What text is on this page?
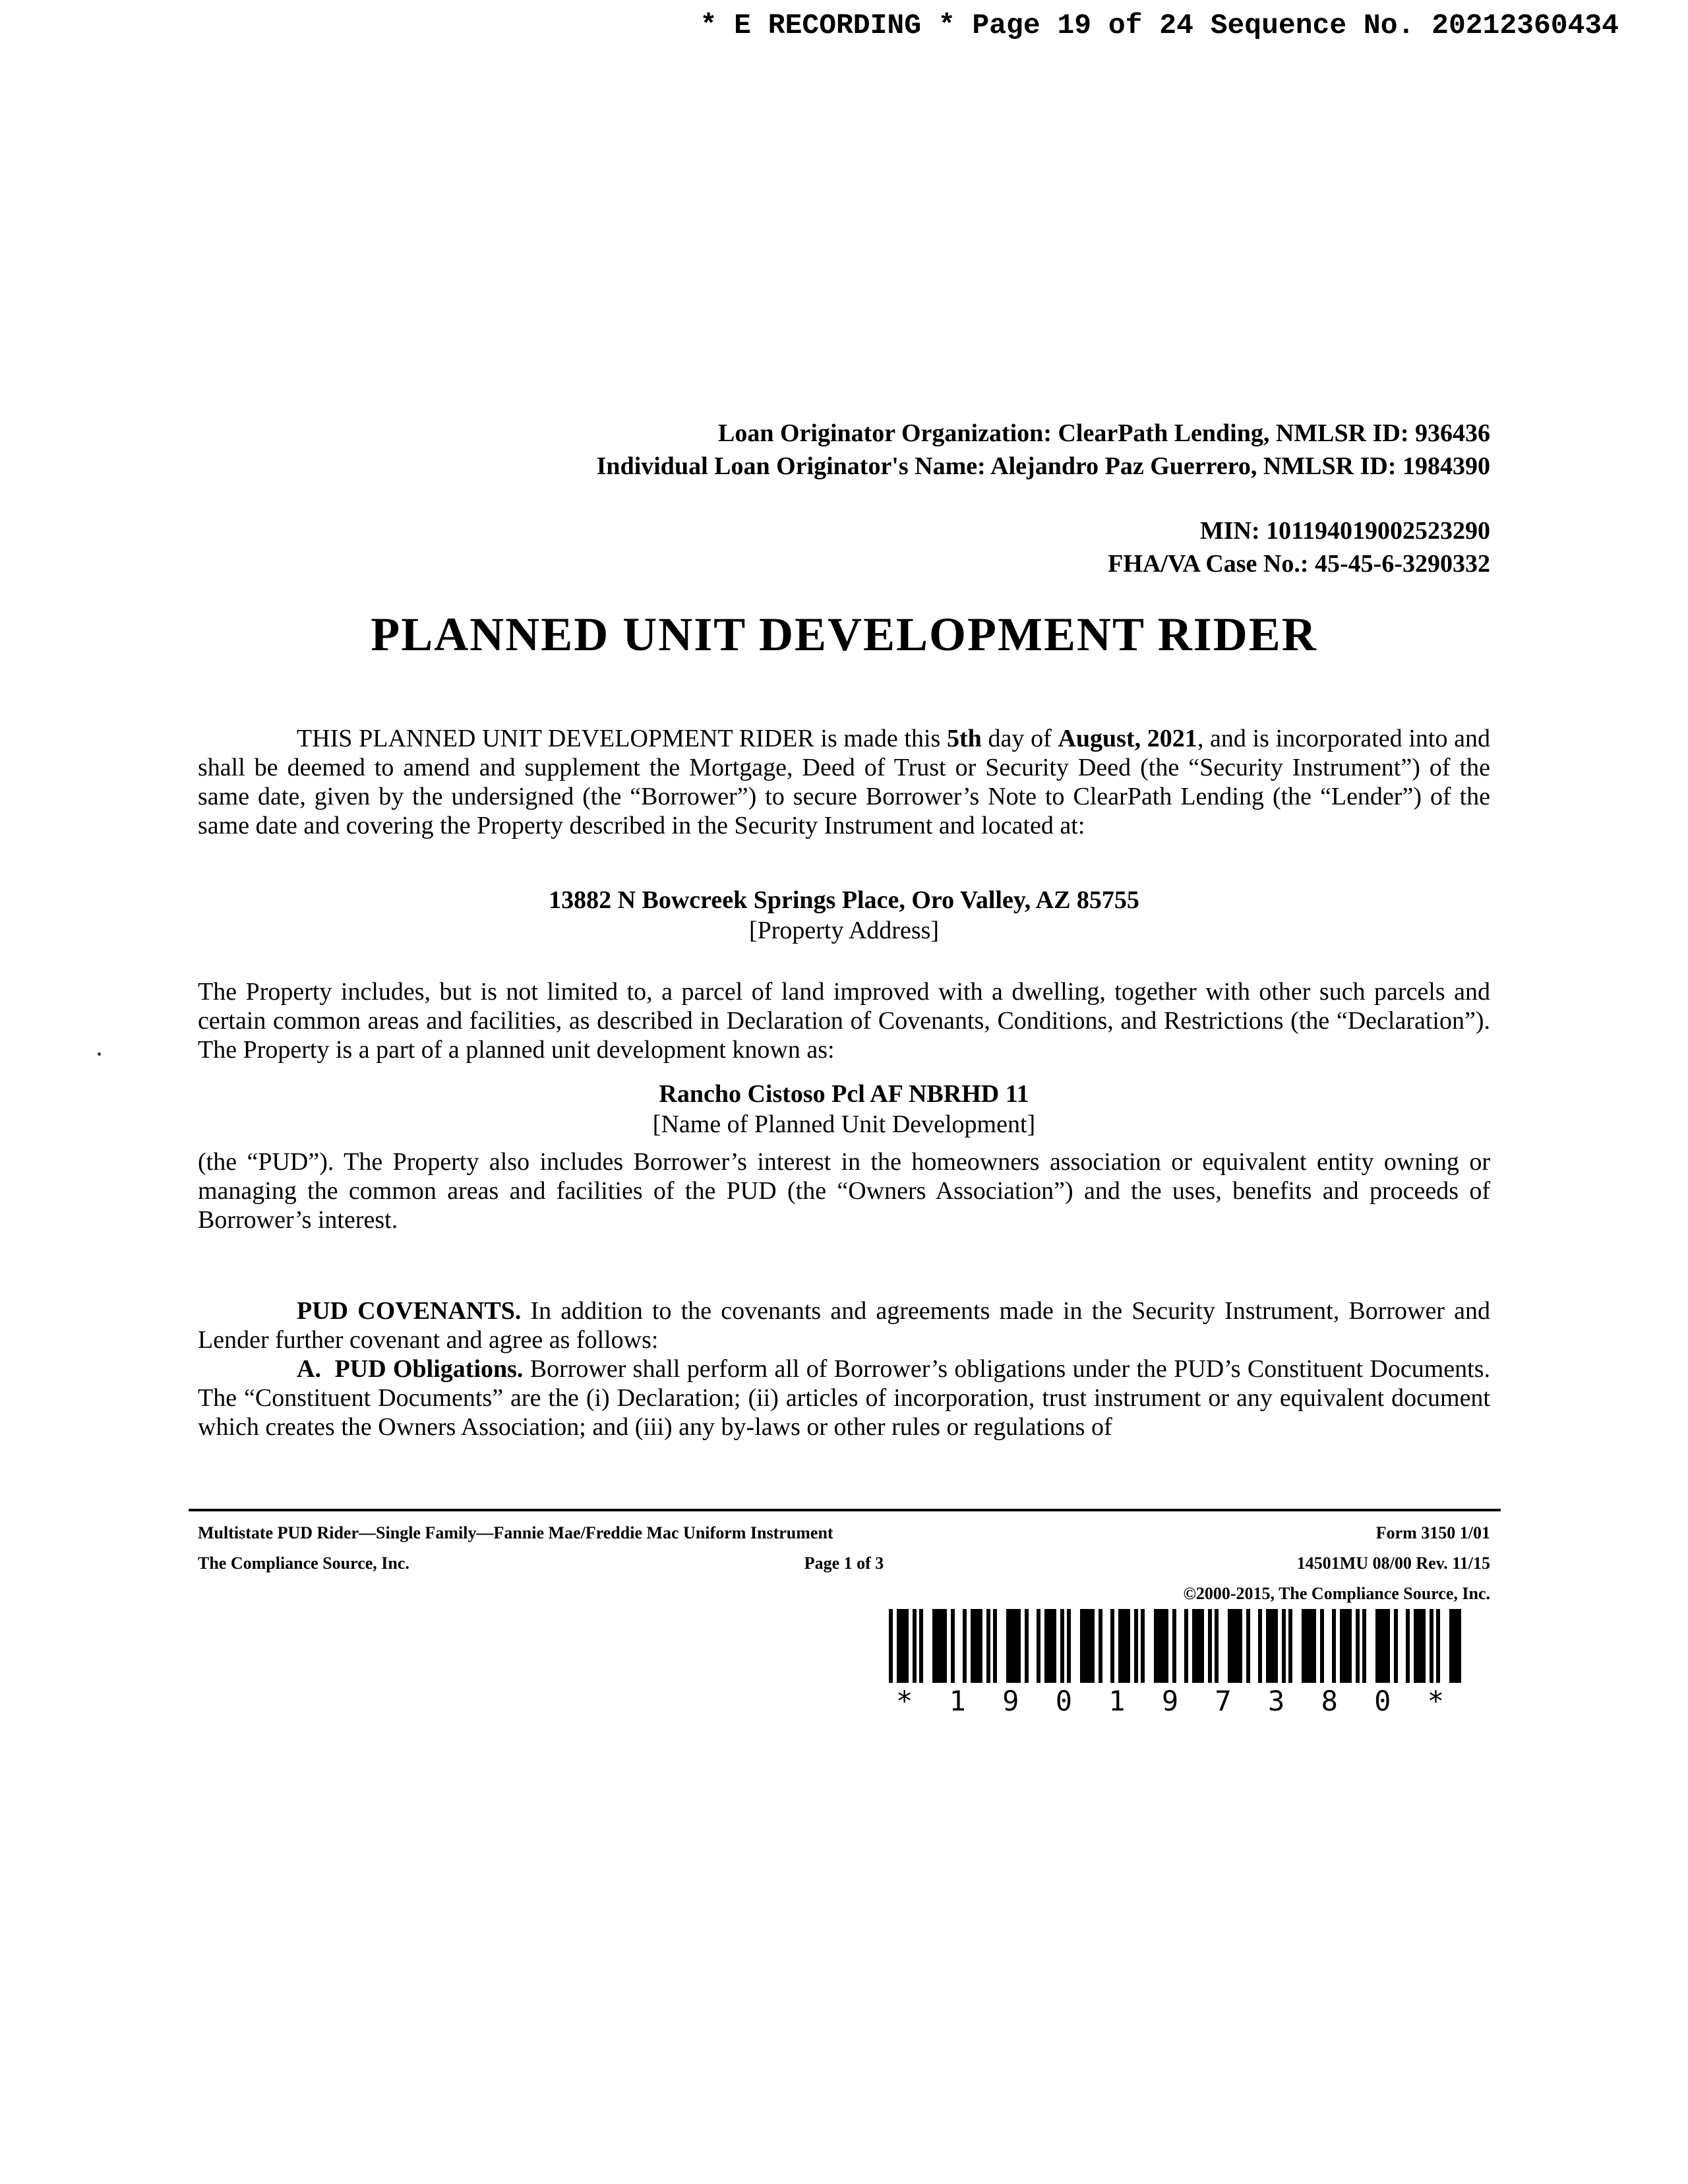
* E RECORDING * Page 19 of 24 Sequence No. 20212360434
Loan Originator Organization: ClearPath Lending, NMLSR ID: 936436
Individual Loan Originator's Name: Alejandro Paz Guerrero, NMLSR ID: 1984390
MIN: 101194019002523290
FHA/VA Case No.: 45-45-6-3290332
PLANNED UNIT DEVELOPMENT RIDER

THIS PLANNED UNIT DEVELOPMENT RIDER is made this 5th day of August, 2021, and is incorporated into and shall be deemed to amend and supplement the Mortgage, Deed of Trust or Security Deed (the “Security Instrument”) of the same date, given by the undersigned (the “Borrower”) to secure Borrower’s Note to ClearPath Lending (the “Lender”) of the same date and covering the Property described in the Security Instrument and located at:

13882 N Bowcreek Springs Place, Oro Valley, AZ 85755
[Property Address]

The Property includes, but is not limited to, a parcel of land improved with a dwelling, together with other such parcels and certain common areas and facilities, as described in Declaration of Covenants, Conditions, and Restrictions (the “Declaration”). The Property is a part of a planned unit development known as:

Rancho Cistoso Pcl AF NBRHD 11
[Name of Planned Unit Development]

(the “PUD”). The Property also includes Borrower’s interest in the homeowners association or equivalent entity owning or managing the common areas and facilities of the PUD (the “Owners Association”) and the uses, benefits and proceeds of Borrower’s interest.

PUD COVENANTS. In addition to the covenants and agreements made in the Security Instrument, Borrower and Lender further covenant and agree as follows:

A.  PUD Obligations. Borrower shall perform all of Borrower’s obligations under the PUD’s Constituent Documents. The “Constituent Documents” are the (i) Declaration; (ii) articles of incorporation, trust instrument or any equivalent document which creates the Owners Association; and (iii) any by-laws or other rules or regulations of

Multistate PUD Rider—Single Family—Fannie Mae/Freddie Mac Uniform Instrument	Form 3150 1/01
The Compliance Source, Inc.	Page 1 of 3	14501MU 08/00 Rev. 11/15
©2000-2015, The Compliance Source, Inc.
* 1 9 0 1 9 7 3 8 0 *
